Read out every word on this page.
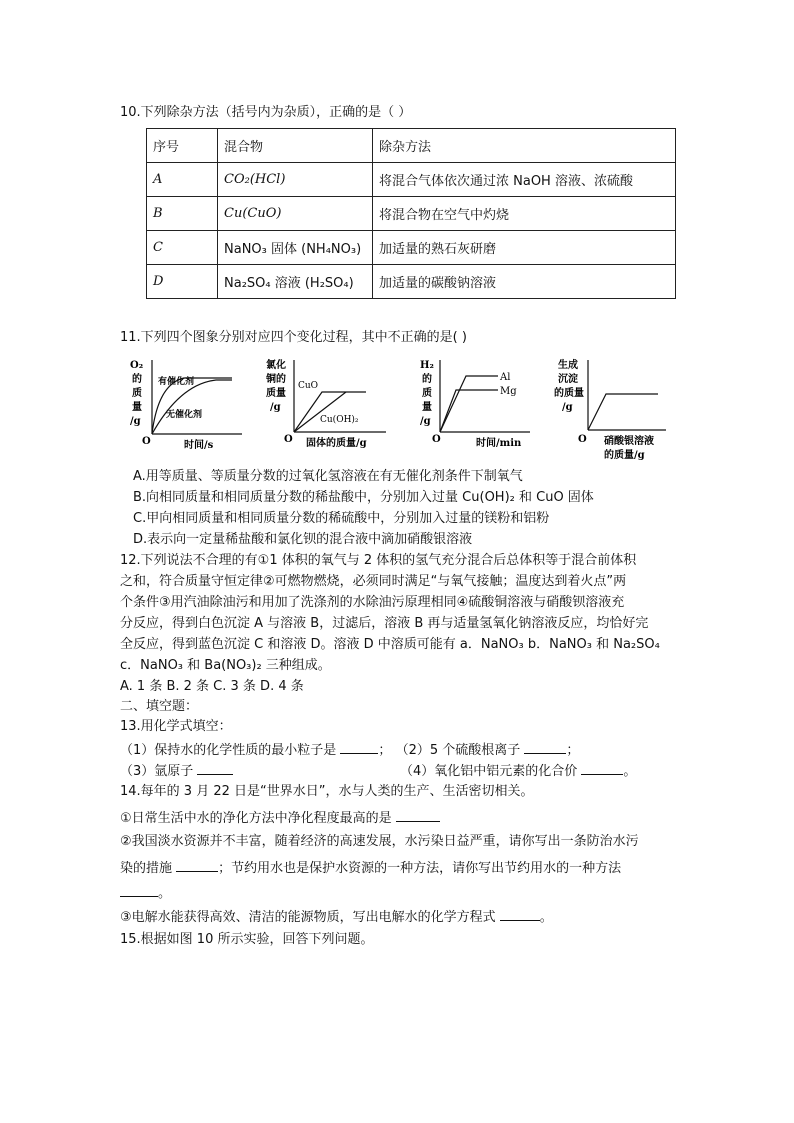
10.下列除杂方法（括号内为杂质），正确的是（ ）
序号	混合物	除杂方法
A	CO₂(HCl)	将混合气体依次通过浓 NaOH 溶液、浓硫酸
B	Cu(CuO)	将混合物在空气中灼烧
C	NaNO₃ 固体 (NH₄NO₃)	加适量的熟石灰研磨
D	Na₂SO₄ 溶液 (H₂SO₄)	加适量的碳酸钠溶液
11.下列四个图象分别对应四个变化过程，其中不正确的是( )
O₂
的
质
量
/g
O	时间/s
有催化剂
无催化剂
氯化
铜的
质量
/g
O 固体的质量/g
CuO
Cu(OH)₂
H₂
的
质
量
/g
O	时间/min
Al
Mg
生成
沉淀
的质量
/g
O 硝酸银溶液
的质量/g
A.用等质量、等质量分数的过氧化氢溶液在有无催化剂条件下制氧气
B.向相同质量和相同质量分数的稀盐酸中，分别加入过量 Cu(OH)₂ 和 CuO 固体
C.甲向相同质量和相同质量分数的稀硫酸中，分别加入过量的镁粉和铝粉
D.表示向一定量稀盐酸和氯化钡的混合液中滴加硝酸银溶液
12.下列说法不合理的有①1 体积的氧气与 2 体积的氢气充分混合后总体积等于混合前体积
之和，符合质量守恒定律②可燃物燃烧，必须同时满足“与氧气接触；温度达到着火点”两
个条件③用汽油除油污和用加了洗涤剂的水除油污原理相同④硫酸铜溶液与硝酸钡溶液充
分反应，得到白色沉淀 A 与溶液 B，过滤后，溶液 B 再与适量氢氧化钠溶液反应，均恰好完
全反应，得到蓝色沉淀 C 和溶液 D。溶液 D 中溶质可能有 a．NaNO₃ b．NaNO₃ 和 Na₂SO₄
c．NaNO₃ 和 Ba(NO₃)₂ 三种组成。
A. 1 条 B. 2 条 C. 3 条 D. 4 条
二、填空题：
13.用化学式填空：
（1）保持水的化学性质的最小粒子是	； （2）5 个硫酸根离子	；
（3）氩原子	（4）氧化铝中铝元素的化合价	。
14.每年的 3 月 22 日是“世界水日”，水与人类的生产、生活密切相关。
①日常生活中水的净化方法中净化程度最高的是
②我国淡水资源并不丰富，随着经济的高速发展，水污染日益严重，请你写出一条防治水污
染的措施	；节约用水也是保护水资源的一种方法，请你写出节约用水的一种方法
。
③电解水能获得高效、清洁的能源物质，写出电解水的化学方程式	。
15.根据如图 10 所示实验，回答下列问题。
